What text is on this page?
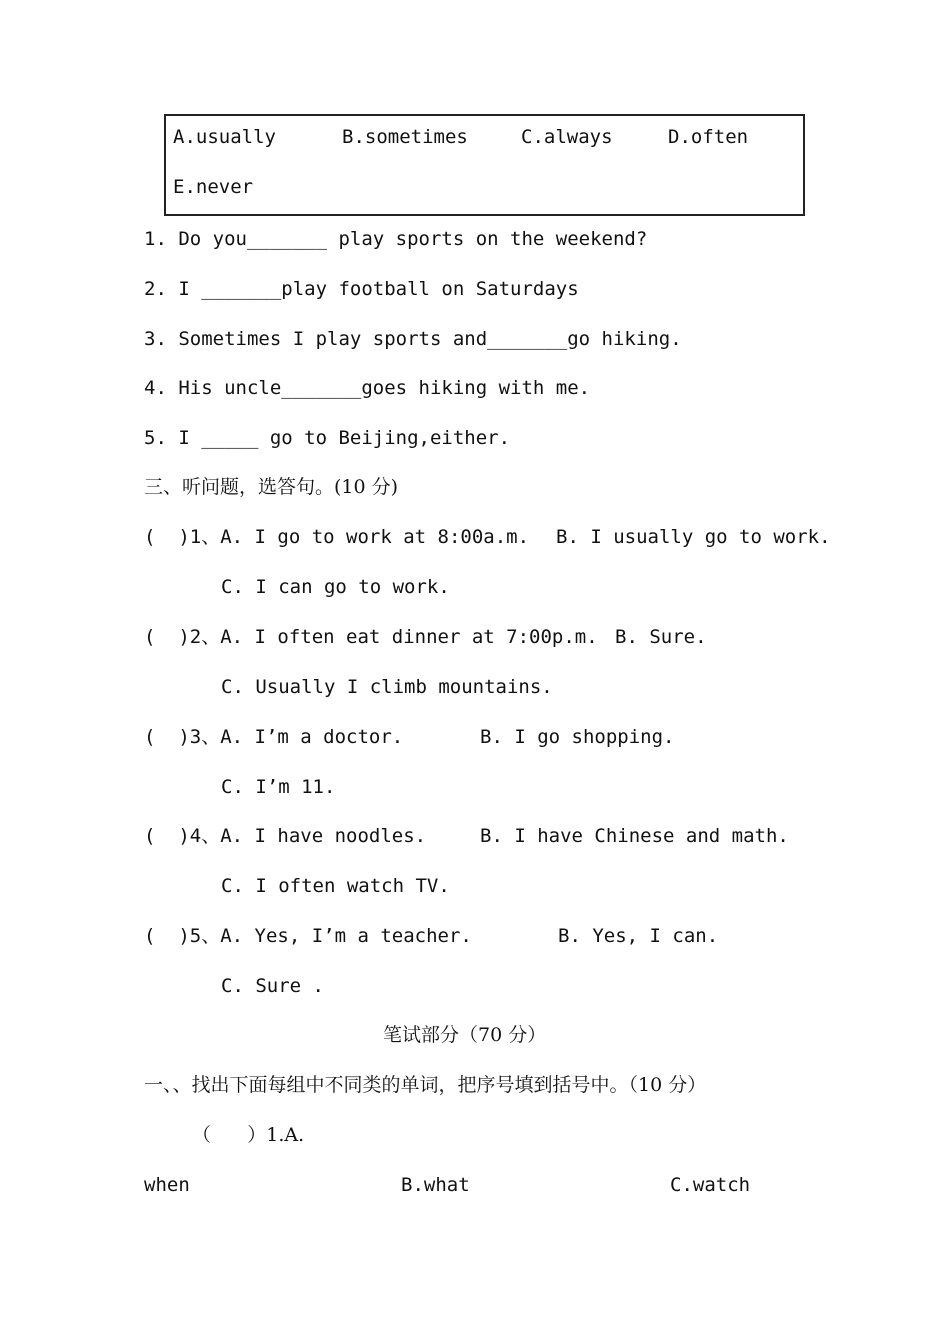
A.usually	B.sometimes	C.always	D.often
E.never
1. Do you_______ play sports on the weekend?
2. I _______play football on Saturdays
3. Sometimes I play sports and_______go hiking.
4. His uncle_______goes hiking with me.
5. I _____ go to Beijing,either.
三、听问题，选答句。(10 分)
(  )1、A. I go to work at 8:00a.m. B. I usually go to work.
C. I can go to work.
(  )2、A. I often eat dinner at 7:00p.m. B. Sure.
C. Usually I climb mountains.
(  )3、A. I’m a doctor.	B. I go shopping.
C. I’m 11.
(  )4、A. I have noodles.	B. I have Chinese and math.
C. I often watch TV.
(  )5、A. Yes, I’m a teacher.	B. Yes, I can.
C. Sure .
笔试部分（70 分）
一、、找出下面每组中不同类的单词，把序号填到括号中。（10 分）
（      ）1.A.
when	B.what	C.watch
